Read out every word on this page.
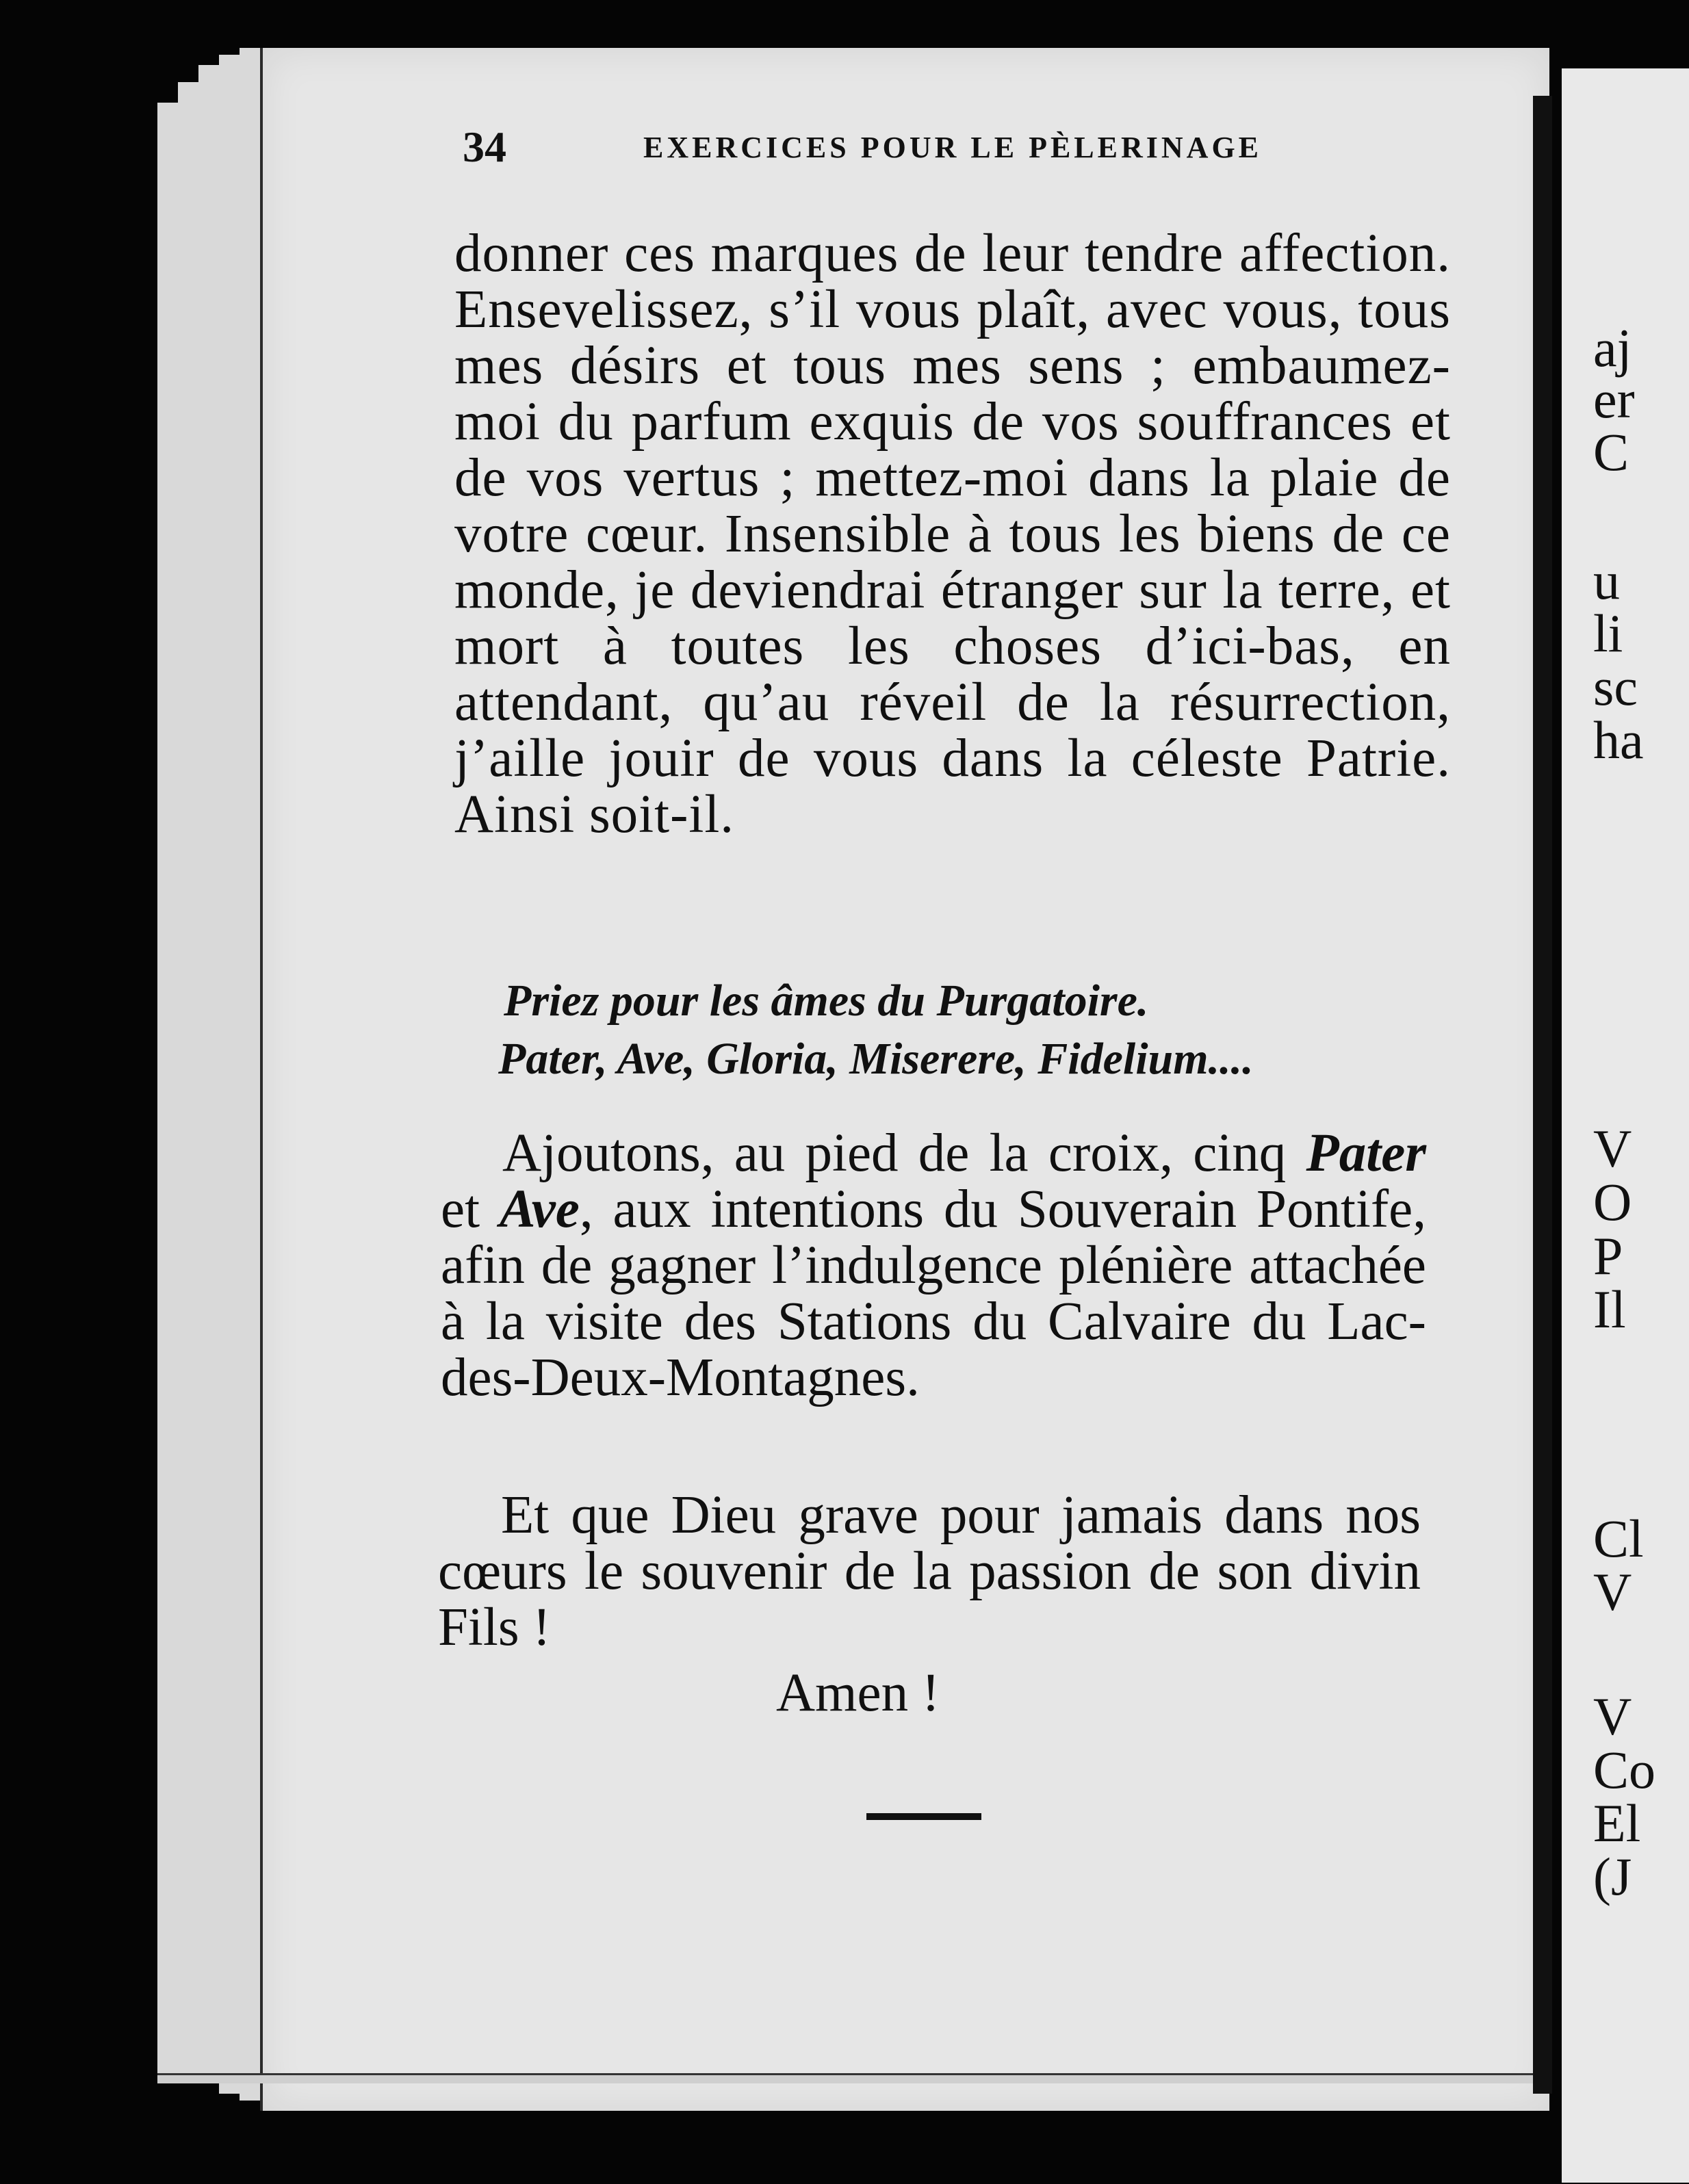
aj
er
C
u
li
sc
ha
V
O
P
Il
Cl
V
V
Co
El
(J
34	EXERCICES POUR LE PÈLERINAGE
donner ces marques de leur tendre affection. Ensevelissez, s’il vous plaît, avec vous, tous mes désirs et tous mes sens ; embaumez-moi du parfum exquis de vos souffrances et de vos vertus ; mettez-moi dans la plaie de votre cœur. Insensible à tous les biens de ce monde, je deviendrai étranger sur la terre, et mort à toutes les choses d’ici-bas, en attendant, qu’au réveil de la résurrection, j’aille jouir de vous dans la céleste Patrie. Ainsi soit-il.
Priez pour les âmes du Purgatoire.
Pater, Ave, Gloria, Miserere, Fidelium....
Ajoutons, au pied de la croix, cinq Pater et Ave, aux intentions du Souverain Pontife, afin de gagner l’indulgence plénière attachée à la visite des Stations du Calvaire du Lac-des-Deux-Montagnes.
Et que Dieu grave pour jamais dans nos cœurs le souvenir de la passion de son divin Fils !
Amen !
